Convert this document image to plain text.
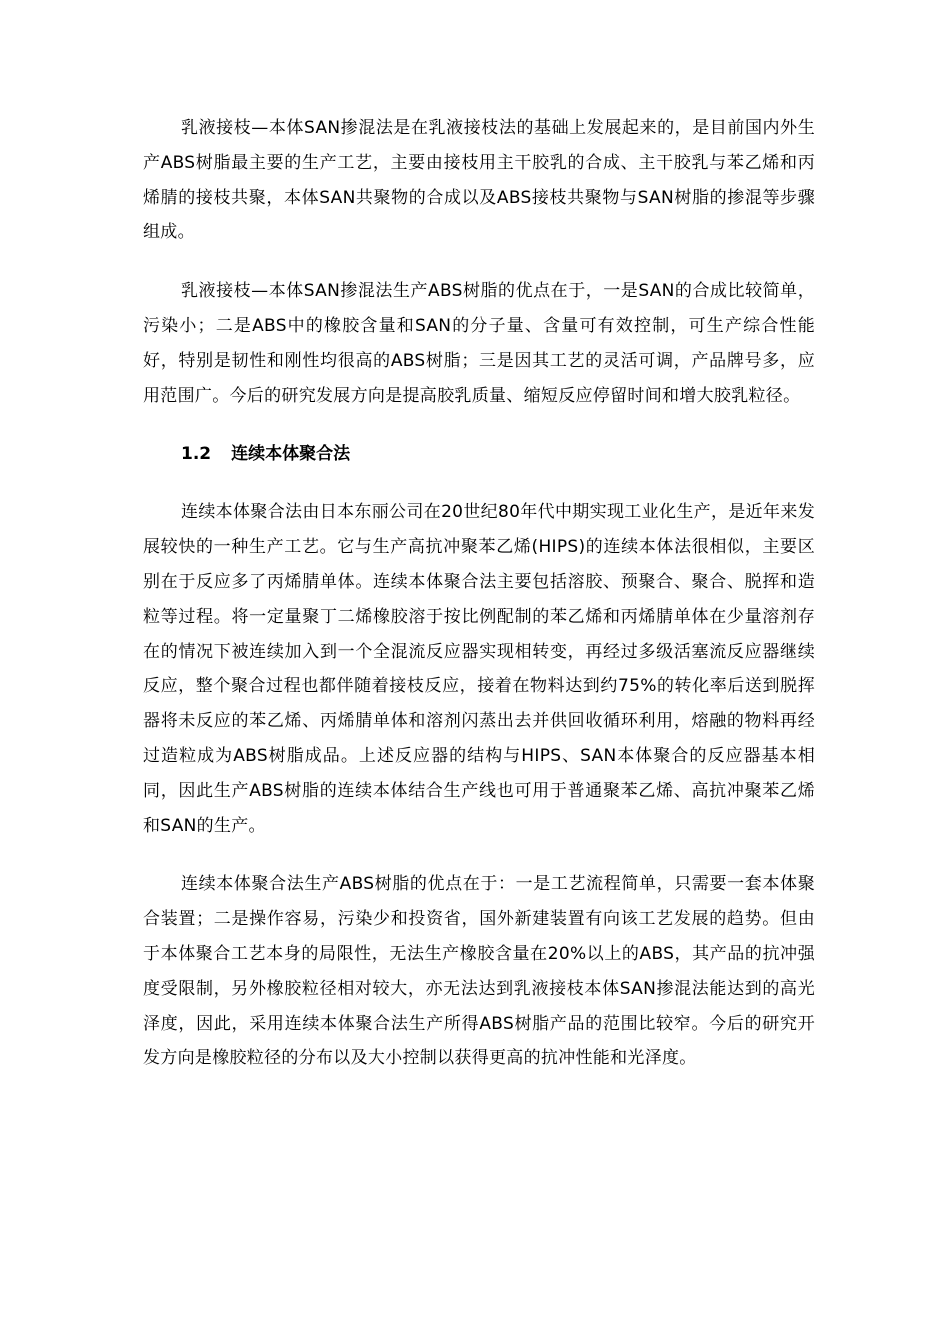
乳液接枝—本体SAN掺混法是在乳液接枝法的基础上发展起来的，是目前国内外生产ABS树脂最主要的生产工艺，主要由接枝用主干胶乳的合成、主干胶乳与苯乙烯和丙烯腈的接枝共聚，本体SAN共聚物的合成以及ABS接枝共聚物与SAN树脂的掺混等步骤组成。

乳液接枝—本体SAN掺混法生产ABS树脂的优点在于，一是SAN的合成比较简单，污染小；二是ABS中的橡胶含量和SAN的分子量、含量可有效控制，可生产综合性能好，特别是韧性和刚性均很高的ABS树脂；三是因其工艺的灵活可调，产品牌号多，应用范围广。今后的研究发展方向是提高胶乳质量、缩短反应停留时间和增大胶乳粒径。

1.2 连续本体聚合法

连续本体聚合法由日本东丽公司在20世纪80年代中期实现工业化生产，是近年来发展较快的一种生产工艺。它与生产高抗冲聚苯乙烯(HIPS)的连续本体法很相似，主要区别在于反应多了丙烯腈单体。连续本体聚合法主要包括溶胶、预聚合、聚合、脱挥和造粒等过程。将一定量聚丁二烯橡胶溶于按比例配制的苯乙烯和丙烯腈单体在少量溶剂存在的情况下被连续加入到一个全混流反应器实现相转变，再经过多级活塞流反应器继续反应，整个聚合过程也都伴随着接枝反应，接着在物料达到约75%的转化率后送到脱挥器将未反应的苯乙烯、丙烯腈单体和溶剂闪蒸出去并供回收循环利用，熔融的物料再经过造粒成为ABS树脂成品。上述反应器的结构与HIPS、SAN本体聚合的反应器基本相同，因此生产ABS树脂的连续本体结合生产线也可用于普通聚苯乙烯、高抗冲聚苯乙烯和SAN的生产。

连续本体聚合法生产ABS树脂的优点在于：一是工艺流程简单，只需要一套本体聚合装置；二是操作容易，污染少和投资省，国外新建装置有向该工艺发展的趋势。但由于本体聚合工艺本身的局限性，无法生产橡胶含量在20%以上的ABS，其产品的抗冲强度受限制，另外橡胶粒径相对较大，亦无法达到乳液接枝本体SAN掺混法能达到的高光泽度，因此，采用连续本体聚合法生产所得ABS树脂产品的范围比较窄。今后的研究开发方向是橡胶粒径的分布以及大小控制以获得更高的抗冲性能和光泽度。
